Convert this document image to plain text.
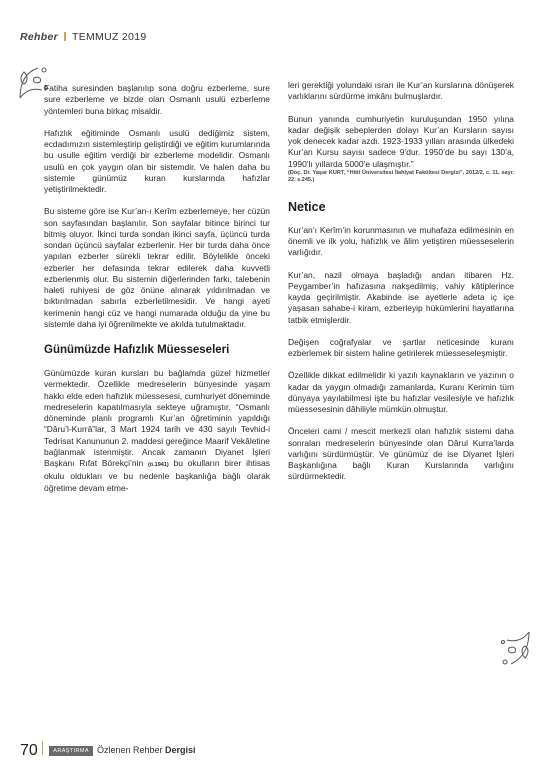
Rehber TEMMUZ 2019

Fatiha suresinden başlanılıp sona doğru ezberleme, sure sure ezberleme ve bizde olan Osmanlı usulü ezberleme yöntemleri buna birkaç misaldir.

Hafızlık eğitiminde Osmanlı usulü dediğimiz sistem, ecdadımızın sistemleştirip geliştirdiği ve eğitim kurumlarında bu usulle eğitim verdiği bir ezberleme modelidir. Osmanlı usulü en çok yaygın olan bir sistemdir. Ve halen daha bu sistemle günümüz kuran kurslarında hafızlar yetiştirilmektedir.

Bu sisteme göre ise Kur’an-ı Kerîm ezberlemeye, her cüzün son sayfasından başlanılır. Son sayfalar bitince birinci tur bitmiş oluyor. İkinci turda sondan ikinci sayfa, üçüncü turda sondan üçüncü sayfalar ezberlenir. Her bir turda daha önce yapılan ezberler sürekli tekrar edilir. Böylelikle önceki ezberler her defasında tekrar edilerek daha kuvvetli ezberlenmiş olur. Bu sistemin diğerlerinden farkı, talebenin haleti ruhiyesi de göz önüne alınarak yıldırılmadan ve bıktırılmadan sabırla ezberletilmesidir. Ve hangi ayeti kerimenin hangi cüz ve hangi numarada olduğu da yine bu sistemle daha iyi öğrenilmekte ve akılda tutulmaktadır.

Günümüzde Hafızlık Müesseseleri

Günümüzde kuran kursları bu bağlamda güzel hizmetler vermektedir. Özellikle medreselerin bünyesinde yaşam hakkı elde eden hafızlık müessesesi, cumhuriyet döneminde medreselerin kapatılmasıyla sekteye uğramıştır. “Osmanlı döneminde planlı programlı Kur’an öğretiminin yapıldığı “Dâru’l-Kurrâ”lar, 3 Mart 1924 tarih ve 430 sayılı Tevhid-i Tedrisat Kanununun 2. maddesi gereğince Maarif Vekâletine bağlanmak istenmiştir. Ancak zamanın Diyanet İşleri Başkanı Rıfat Börekçi’nin (ö.1941) bu okulların birer ihtisas okulu oldukları ve bu nedenle başkanlığa bağlı olarak öğretime devam etme-

leri gerektiği yolundaki ısrarı ile Kur’an kurslarına dönüşerek varlıklarını sürdürme imkânı bulmuşlardır.

Bunun yanında cumhuriyetin kuruluşundan 1950 yılına kadar değişik sebeplerden dolayı Kur’an Kursların sayısı yok denecek kadar azdı. 1923-1933 yılları arasında ülkedeki Kur’an Kursu sayısı sadece 9’dur. 1950’de bu sayı 130’a, 1990’lı yıllarda 5000’e ulaşmıştır.”
(Doç. Dr. Yaşar KURT, “Hitit Üniversitesi İlahiyat Fakültesi Dergisi”, 2012/2, c. 11, sayı: 22, s.245.)

Netice

Kur’an’ı Kerîm’in korunmasının ve muhafaza edilmesinin en önemli ve ilk yolu, hafızlık ve âlim yetiştiren müesseselerin varlığıdır.

Kur’an, nazil olmaya başladığı andan itibaren Hz. Peygamber’in hafızasına nakşedilmiş, vahiy kâtiplerince kayda geçirilmiştir. Akabinde ise ayetlerle adeta iç içe yaşasan sahabe-i kiram, ezberleyip hükümlerini hayatlarına tatbik etmişlerdir.

Değişen coğrafyalar ve şartlar neticesinde kuranı ezberlemek bir sistem haline getirilerek müesseseleşmiştir.

Özellikle dikkat edilmelidir ki yazılı kaynakların ve yazının o kadar da yaygın olmadığı zamanlarda, Kuranı Kerimin tüm dünyaya yayılabilmesi işte bu hafızlar vesilesiyle ve hafızlık müessesesinin dâhiliyle mümkün olmuştur.

Önceleri cami / mescit merkezli olan hafızlık sistemi daha sonraları medreselerin bünyesinde olan Dârul Kurra’larda varlığını sürdürmüştür. Ve günümüz de ise Diyanet İşleri Başkanlığına bağlı Kuran Kurslarında varlığını sürdürmektedir.

70	ARAŞTIRMA Özlenen Rehber Dergisi
